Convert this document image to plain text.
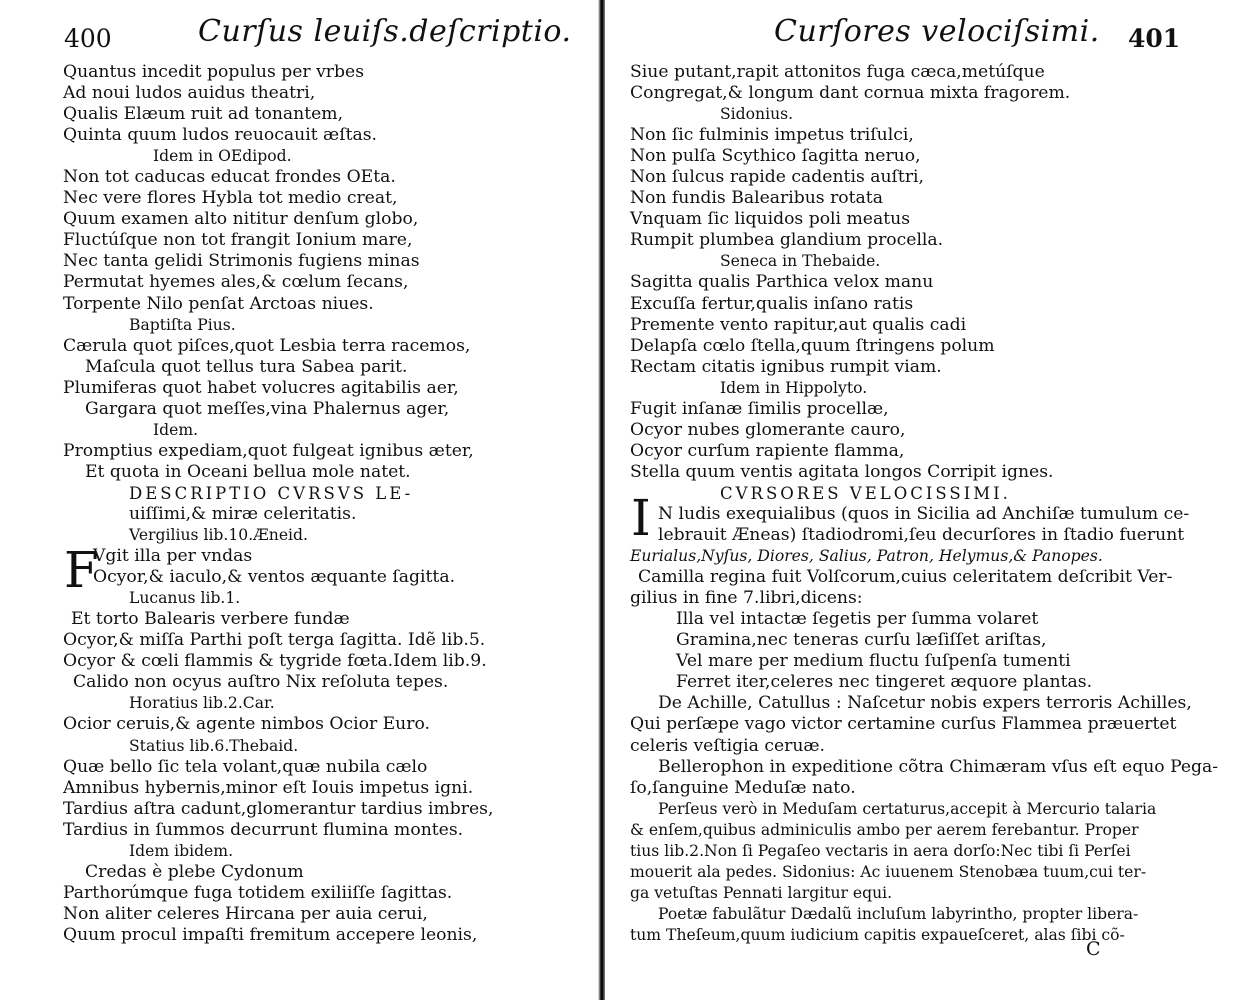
400	Curſus leuiſs.deſcriptio.
Quantus incedit populus per vrbes
Ad noui ludos auidus theatri,
Qualis Elæum ruit ad tonantem,
Quinta quum ludos reuocauit æſtas.
Idem in OEdipod.
Non tot caducas educat frondes OEta.
Nec vere flores Hybla tot medio creat,
Quum examen alto nititur denſum globo,
Fluctúſque non tot frangit Ionium mare,
Nec tanta gelidi Strimonis fugiens minas
Permutat hyemes ales,& cœlum ſecans,
Torpente Nilo penſat Arctoas niues.
Baptiſta Pius.
Cærula quot piſces,quot Lesbia terra racemos,
Maſcula quot tellus tura Sabea parit.
Plumiferas quot habet volucres agitabilis aer,
Gargara quot meſſes,vina Phalernus ager,
Idem.
Promptius expediam,quot fulgeat ignibus æter,
Et quota in Oceani bellua mole natet.
DESCRIPTIO CVRSVS LE-
uiſſimi,& miræ celeritatis.
Vergilius lib.10.Æneid.
Vgit illa per vndas
Ocyor,& iaculo,& ventos æquante ſagitta.
Lucanus lib.1.
Et torto Balearis verbere fundæ
Ocyor,& miſſa Parthi poſt terga ſagitta. Idẽ lib.5.
Ocyor & cœli flammis & tygride fœta.Idem lib.9.
Calido non ocyus auſtro Nix reſoluta tepes.
Horatius lib.2.Car.
Ocior ceruis,& agente nimbos Ocior Euro.
Statius lib.6.Thebaid.
Quæ bello ſic tela volant,quæ nubila cælo
Amnibus hybernis,minor eſt Iouis impetus igni.
Tardius aſtra cadunt,glomerantur tardius imbres,
Tardius in ſummos decurrunt flumina montes.
Idem ibidem.
Credas è plebe Cydonum
Parthorúmque fuga totidem exiliiſſe ſagittas.
Non aliter celeres Hircana per auia cerui,
Quum procul impaſti fremitum accepere leonis,
F
Curſores velociſsimi. 401
Siue putant,rapit attonitos fuga cæca,metúſque
Congregat,& longum dant cornua mixta fragorem.
Sidonius.
Non ſic fulminis impetus triſulci,
Non pulſa Scythico ſagitta neruo,
Non ſulcus rapide cadentis auſtri,
Non fundis Balearibus rotata
Vnquam ſic liquidos poli meatus
Rumpit plumbea glandium procella.
Seneca in Thebaide.
Sagitta qualis Parthica velox manu
Excuſſa fertur,qualis inſano ratis
Premente vento rapitur,aut qualis cadi
Delapſa cœlo ſtella,quum ſtringens polum
Rectam citatis ignibus rumpit viam.
Idem in Hippolyto.
Fugit inſanæ ſimilis procellæ,
Ocyor nubes glomerante cauro,
Ocyor curſum rapiente flamma,
Stella quum ventis agitata longos Corripit ignes.
CVRSORES VELOCISSIMI.
N ludis exequialibus (quos in Sicilia ad Anchiſæ tumulum ce-
lebrauit Æneas) ſtadiodromi,ſeu decurſores in ſtadio fuerunt
Eurialus,Nyſus, Diores, Salius, Patron, Helymus,& Panopes.
Camilla regina fuit Volſcorum,cuius celeritatem deſcribit Ver-
gilius in fine 7.libri,dicens:
Illa vel intactæ ſegetis per ſumma volaret
Gramina,nec teneras curſu læſiſſet ariſtas,
Vel mare per medium fluctu ſuſpenſa tumenti
Ferret iter,celeres nec tingeret æquore plantas.
De Achille, Catullus : Naſcetur nobis expers terroris Achilles,
Qui perſæpe vago victor certamine curſus Flammea præuertet
celeris veſtigia ceruæ.
Bellerophon in expeditione cõtra Chimæram vſus eſt equo Pega-
ſo,ſanguine Meduſæ nato.
Perſeus verò in Meduſam certaturus,accepit à Mercurio talaria
& enſem,quibus adminiculis ambo per aerem ferebantur. Proper
tius lib.2.Non ſi Pegaſeo vectaris in aera dorſo:Nec tibi ſi Perſei
mouerit ala pedes. Sidonius: Ac iuuenem Stenobæa tuum,cui ter-
ga vetuſtas Pennati largitur equi.
Poetæ fabulãtur Dædalũ incluſum labyrintho, propter libera-
tum Theſeum,quum iudicium capitis expaueſceret, alas ſibi cõ-
I
C
